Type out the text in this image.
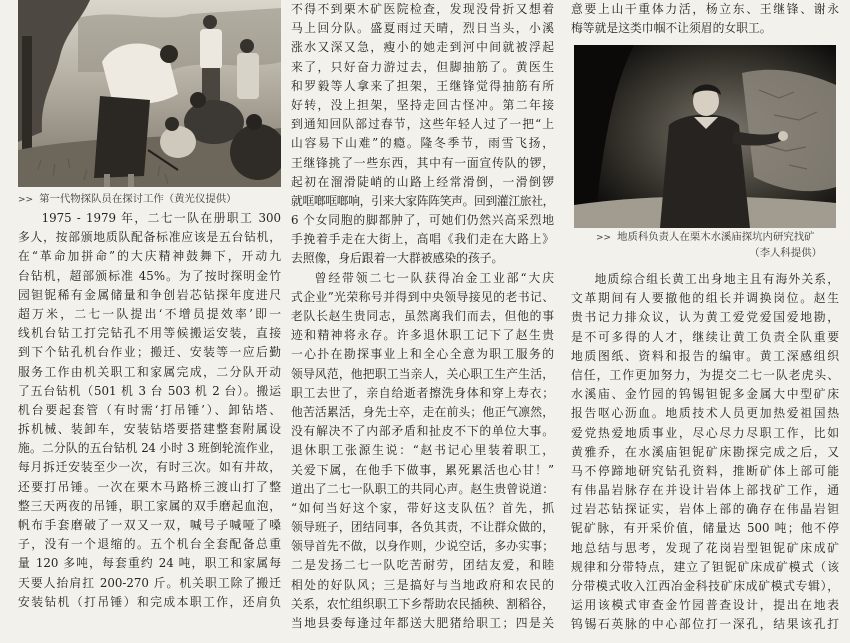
>> 第一代物探队员在探讨工作（黄光仪提供）
1975 - 1979 年，二七一队在册职工 300
多人，按部颁地质队配备标准应该是五台钻机，
在“革命加拼命”的大庆精神鼓舞下，开动九
台钻机，超部颁标准 45%。为了按时探明金竹
园钽铌稀有金属储量和争创岩芯钻探年度进尺
超万米，二七一队提出‘不增员提效率’即一
线机台钻工打完钻孔不用等候搬运安装，直接
到下个钻孔机台作业；搬迁、安装等一应后勤
服务工作由机关职工和家属完成，二分队开动
了五台钻机（501 机 3 台 503 机 2 台）。搬运
机台要起套管（有时需‘打吊锤’）、卸钻塔、
拆机械、装卸车，安装钻塔要搭建整套附属设
施。二分队的五台钻机 24 小时 3 班倒轮流作业，
每月拆迁安装至少一次，有时三次。如有井故，
还要打吊锤。一次在栗木马路桥三渡山打了整
整三天两夜的吊锤，职工家属的双手磨起血泡，
帆布手套磨破了一双又一双，喊号子喊哑了嗓
子，没有一个退缩的。五个机台全套配备总重
量 120 多吨，每套重约 24 吨，职工和家属每
天要人抬肩扛 200-270 斤。机关职工除了搬迁
安装钻机（打吊锤）和完成本职工作，还肩负
不得不到栗木矿医院检查，发现没骨折又想着
马上回分队。盛夏雨过天晴，烈日当头，小溪
涨水又深又急，瘦小的她走到河中间就被浮起
来了，只好奋力游过去，但脚抽筋了。黄医生
和罗毅等人拿来了担架，王继锋觉得抽筋有所
好转，没上担架，坚持走回古怪冲。第二年接
到通知回队部过春节，这些年轻人过了一把“上
山容易下山难”的瘾。隆冬季节，雨雪飞扬，
王继锋挑了一些东西，其中有一面宣传队的锣，
起初在溜滑陡峭的山路上经常滑倒，一滑倒锣
就哐啷哐啷响，引来大家阵阵笑声。回到灌江旅社，
6 个女同胞的脚都肿了，可她们仍然兴高采烈地
手挽着手走在大街上，高唱《我们走在大路上》
去照像，身后跟着一大群被感染的孩子。
曾经带领二七一队获得冶金工业部“大庆
式企业”光荣称号并得到中央领导接见的老书记、
老队长赵生贵同志，虽然离我们而去，但他的事
迹和精神将永存。许多退休职工记下了赵生贵
一心扑在勘探事业上和全心全意为职工服务的
领导风范，他把职工当亲人，关心职工生产生活，
职工去世了，亲自给逝者擦洗身体和穿上寿衣；
他苦活累活，身先士卒，走在前头；他正气凛然，
没有解决不了内部矛盾和扯皮不下的单位大事。
退休职工张源生说：“赵书记心里装着职工，
关爱下属，在他手下做事，累死累活也心甘！”
道出了二七一队职工的共同心声。赵生贵曾说道：
“如何当好这个家，带好这支队伍？首先，抓
领导班子，团结同事，各负其责，不让群众做的，
领导首先不做，以身作则，少说空话，多办实事；
二是发扬二七一队吃苦耐劳，团结友爱，和睦
相处的好队风；三是搞好与当地政府和农民的
关系，农忙组织职工下乡帮助农民插秧、割稻谷，
当地县委每逢过年都送大肥猪给职工；四是关
意要上山干重体力活，杨立东、王继锋、谢永
梅等就是这类巾帼不让须眉的女职工。
>> 地质科负责人在栗木水溪庙探坑内研究找矿
（李人科提供）
地质综合组长黄工出身地主且有海外关系，
文革期间有人要撤他的组长并调换岗位。赵生
贵书记力排众议，认为黄工爱党爱国爱地勘，
是不可多得的人才，继续让黄工负责全队重要
地质图纸、资料和报告的编审。黄工深感组织
信任，工作更加努力，为提交二七一队老虎头、
水溪庙、金竹园的钨锡钽铌多金属大中型矿床
报告呕心沥血。地质技术人员更加热爱祖国热
爱党热爱地质事业，尽心尽力尽职工作，比如
黄雅乔，在水溪庙钽铌矿床勘探完成之后，又
马不停蹄地研究钻孔资料，推断矿体上部可能
有伟晶岩脉存在并设计岩体上部找矿工作，通
过岩芯钻探证实，岩体上部的确存在伟晶岩钽
铌矿脉，有开采价值，储量达 500 吨；他不停
地总结与思考，发现了花岗岩型钽铌矿床成矿
规律和分带特点，建立了钽铌矿床成矿模式（该
分带模式收入江西冶金科技矿床成矿模式专辑），
运用该模式审查金竹园普查设计，提出在地表
钨锡石英脉的中心部位打一深孔，结果该孔打
